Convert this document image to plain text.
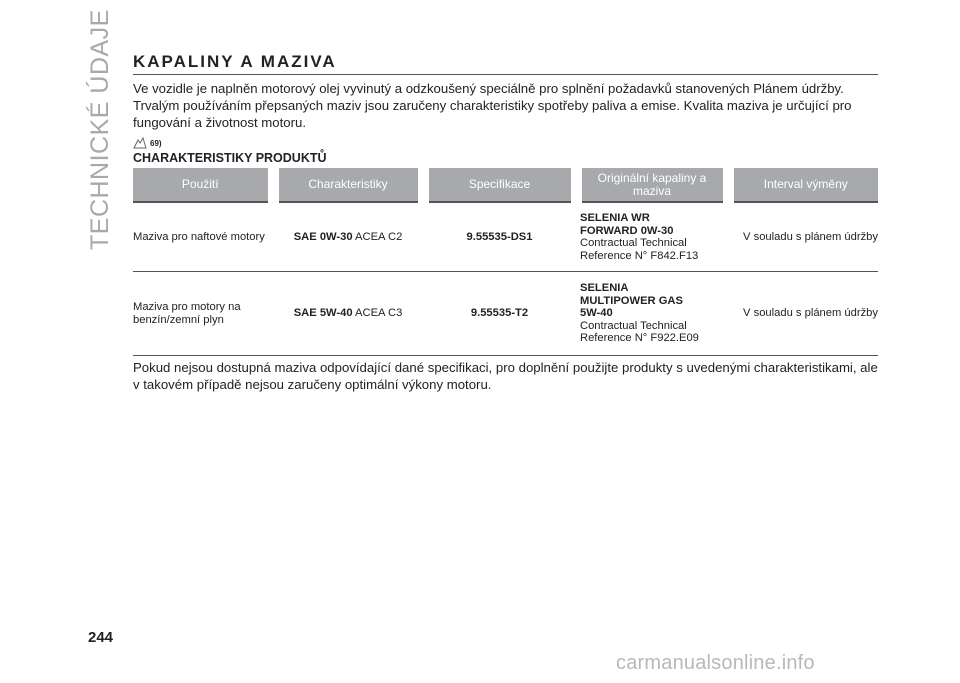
TECHNICKÉ ÚDAJE	KAPALINY A MAZIVA

Ve vozidle je naplněn motorový olej vyvinutý a odzkoušený speciálně pro splnění požadavků stanovených Plánem údržby. Trvalým používáním přepsaných maziv jsou zaručeny charakteristiky spotřeby paliva a emise. Kvalita maziva je určující pro fungování a životnost motoru.

69)
CHARAKTERISTIKY PRODUKTŮ
Použití	Charakteristiky	Specifikace	Originální kapaliny a maziva	Interval výměny
Maziva pro naftové motory	SAE 0W-30 ACEA C2	9.55535-DS1	SELENIA WR
FORWARD 0W-30
Contractual Technical Reference N° F842.F13	V souladu s plánem údržby
Maziva pro motory na benzín/zemní plyn	SAE 5W-40 ACEA C3	9.55535-T2	SELENIA
MULTIPOWER GAS
5W-40
Contractual Technical Reference N° F922.E09	V souladu s plánem údržby

Pokud nejsou dostupná maziva odpovídající dané specifikaci, pro doplnění použijte produkty s uvedenými charakteristikami, ale v takovém případě nejsou zaručeny optimální výkony motoru.

244
carmanualsonline.info
